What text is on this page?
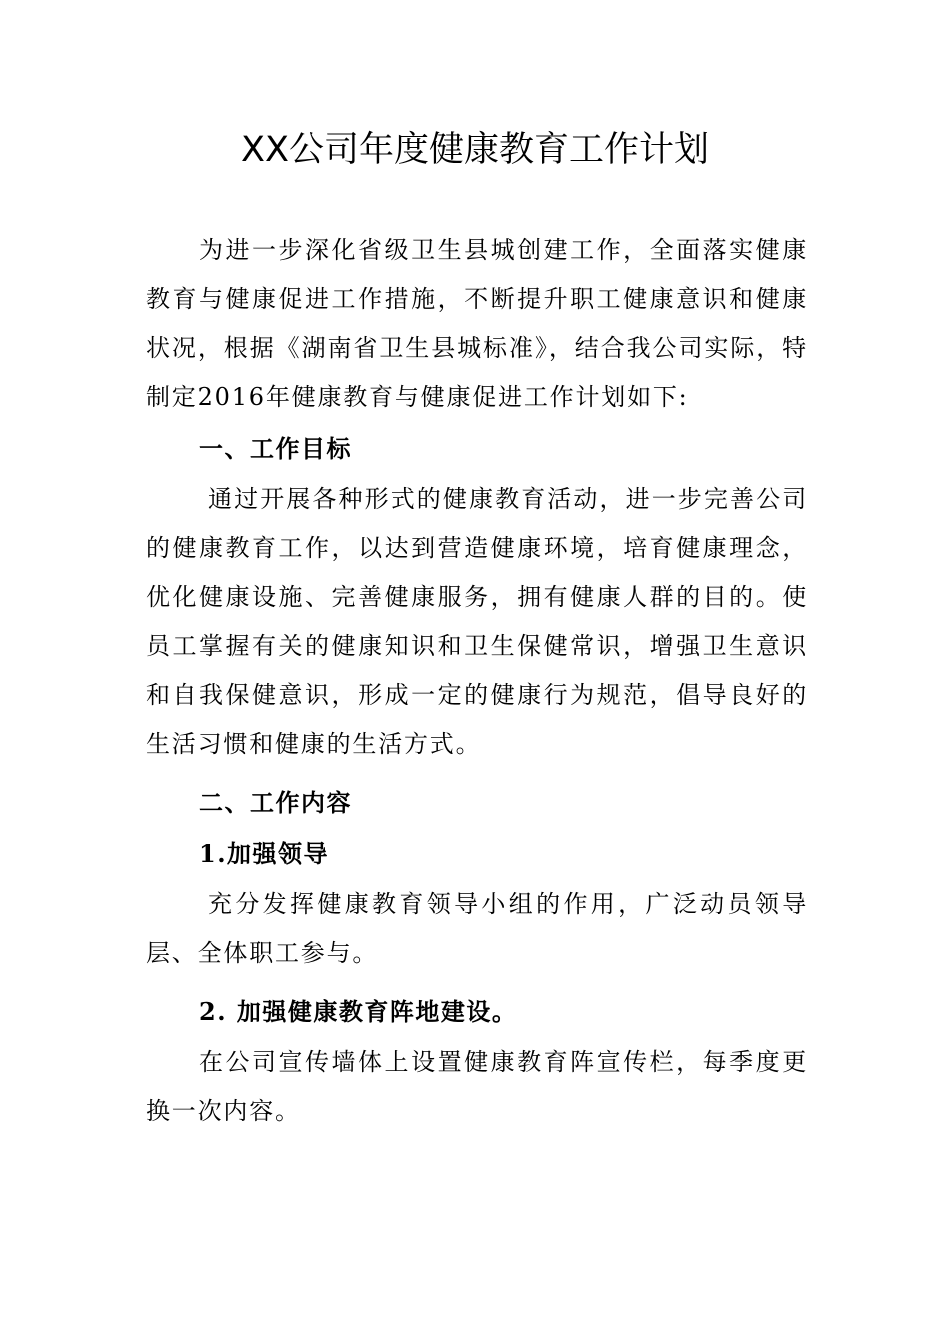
XX公司年度健康教育工作计划

为进一步深化省级卫生县城创建工作，全面落实健康教育与健康促进工作措施，不断提升职工健康意识和健康状况，根据《湖南省卫生县城标准》，结合我公司实际，特制定2016年健康教育与健康促进工作计划如下:

一、工作目标

通过开展各种形式的健康教育活动，进一步完善公司的健康教育工作，以达到营造健康环境，培育健康理念，优化健康设施、完善健康服务，拥有健康人群的目的。使员工掌握有关的健康知识和卫生保健常识，增强卫生意识和自我保健意识，形成一定的健康行为规范，倡导良好的生活习惯和健康的生活方式。

二、工作内容

1.加强领导

充分发挥健康教育领导小组的作用，广泛动员领导层、全体职工参与。

2. 加强健康教育阵地建设。

在公司宣传墙体上设置健康教育阵宣传栏，每季度更换一次内容。
